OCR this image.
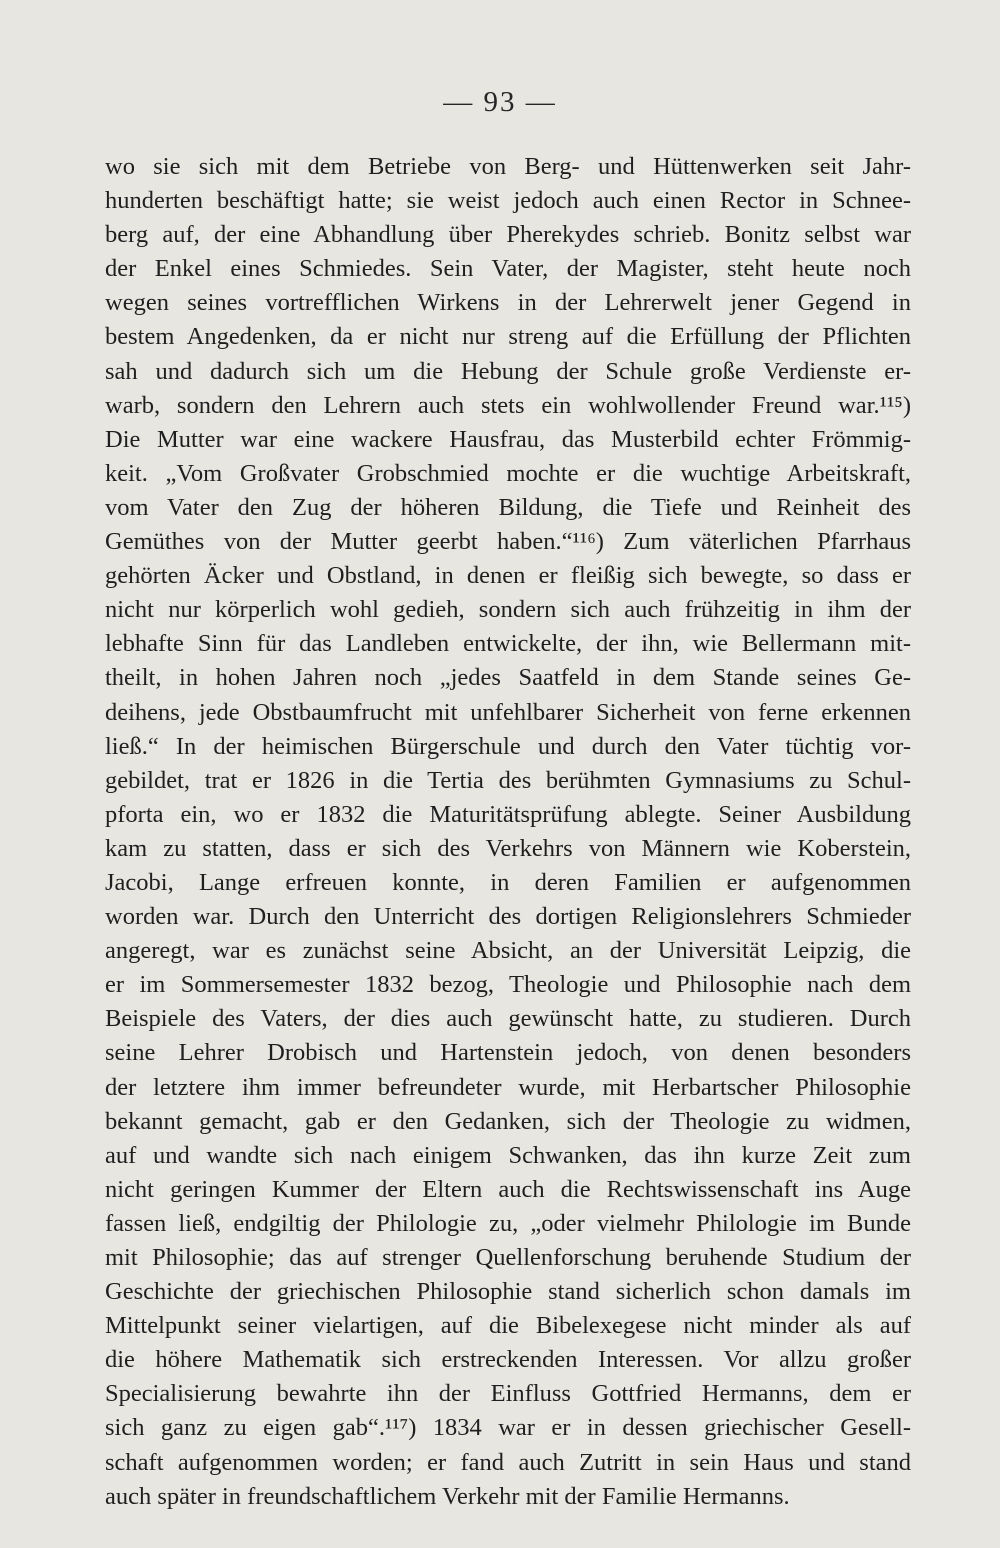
— 93 —
wo sie sich mit dem Betriebe von Berg- und Hüttenwerken seit Jahr-
hunderten beschäftigt hatte; sie weist jedoch auch einen Rector in Schnee-
berg auf, der eine Abhandlung über Pherekydes schrieb. Bonitz selbst war
der Enkel eines Schmiedes. Sein Vater, der Magister, steht heute noch
wegen seines vortrefflichen Wirkens in der Lehrerwelt jener Gegend in
bestem Angedenken, da er nicht nur streng auf die Erfüllung der Pflichten
sah und dadurch sich um die Hebung der Schule große Verdienste er-
warb, sondern den Lehrern auch stets ein wohlwollender Freund war.¹¹⁵)
Die Mutter war eine wackere Hausfrau, das Musterbild echter Frömmig-
keit. „Vom Großvater Grobschmied mochte er die wuchtige Arbeitskraft,
vom Vater den Zug der höheren Bildung, die Tiefe und Reinheit des
Gemüthes von der Mutter geerbt haben.“¹¹⁶) Zum väterlichen Pfarrhaus
gehörten Äcker und Obstland, in denen er fleißig sich bewegte, so dass er
nicht nur körperlich wohl gedieh, sondern sich auch frühzeitig in ihm der
lebhafte Sinn für das Landleben entwickelte, der ihn, wie Bellermann mit-
theilt, in hohen Jahren noch „jedes Saatfeld in dem Stande seines Ge-
deihens, jede Obstbaumfrucht mit unfehlbarer Sicherheit von ferne erkennen
ließ.“ In der heimischen Bürgerschule und durch den Vater tüchtig vor-
gebildet, trat er 1826 in die Tertia des berühmten Gymnasiums zu Schul-
pforta ein, wo er 1832 die Maturitätsprüfung ablegte. Seiner Ausbildung
kam zu statten, dass er sich des Verkehrs von Männern wie Koberstein,
Jacobi, Lange erfreuen konnte, in deren Familien er aufgenommen
worden war. Durch den Unterricht des dortigen Religionslehrers Schmieder
angeregt, war es zunächst seine Absicht, an der Universität Leipzig, die
er im Sommersemester 1832 bezog, Theologie und Philosophie nach dem
Beispiele des Vaters, der dies auch gewünscht hatte, zu studieren. Durch
seine Lehrer Drobisch und Hartenstein jedoch, von denen besonders
der letztere ihm immer befreundeter wurde, mit Herbartscher Philosophie
bekannt gemacht, gab er den Gedanken, sich der Theologie zu widmen,
auf und wandte sich nach einigem Schwanken, das ihn kurze Zeit zum
nicht geringen Kummer der Eltern auch die Rechtswissenschaft ins Auge
fassen ließ, endgiltig der Philologie zu, „oder vielmehr Philologie im Bunde
mit Philosophie; das auf strenger Quellenforschung beruhende Studium der
Geschichte der griechischen Philosophie stand sicherlich schon damals im
Mittelpunkt seiner vielartigen, auf die Bibelexegese nicht minder als auf
die höhere Mathematik sich erstreckenden Interessen. Vor allzu großer
Specialisierung bewahrte ihn der Einfluss Gottfried Hermanns, dem er
sich ganz zu eigen gab“.¹¹⁷) 1834 war er in dessen griechischer Gesell-
schaft aufgenommen worden; er fand auch Zutritt in sein Haus und stand
auch später in freundschaftlichem Verkehr mit der Familie Hermanns.
